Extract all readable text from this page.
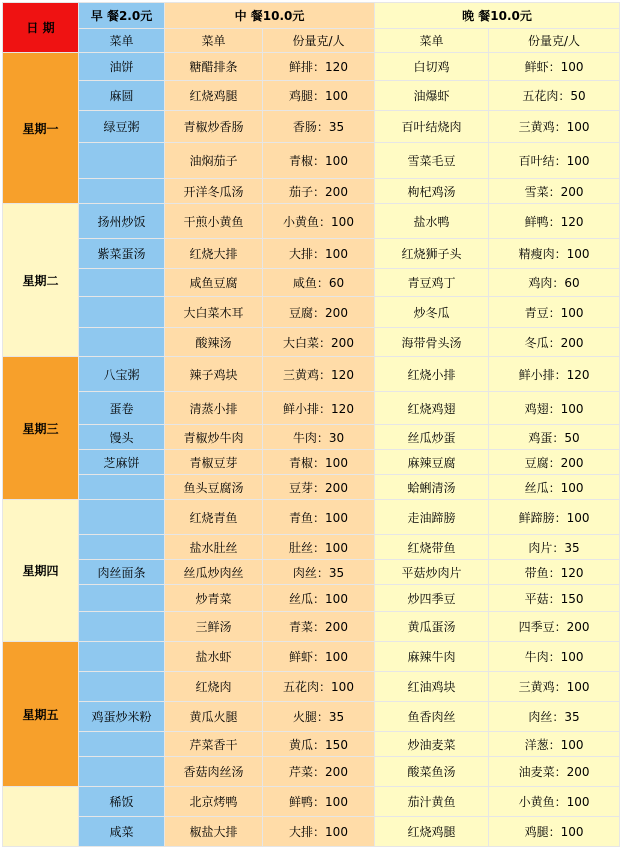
日 期	早 餐2.0元	中 餐10.0元		晚 餐10.0元	
	菜单	菜单	份量克/人	菜单	份量克/人
星期一	油饼	糖醋排条	鲜排：120	白切鸡	鲜虾：100
	麻圆	红烧鸡腿	鸡腿：100	油爆虾	五花肉：50
	绿豆粥	青椒炒香肠	香肠：35	百叶结烧肉	三黄鸡：100
		油焖茄子	青椒：100	雪菜毛豆	百叶结：100
		开洋冬瓜汤	茄子：200	枸杞鸡汤	雪菜：200
星期二	扬州炒饭	干煎小黄鱼	小黄鱼：100	盐水鸭	鲜鸭：120
	紫菜蛋汤	红烧大排	大排：100	红烧狮子头	精瘦肉：100
		咸鱼豆腐	咸鱼：60	青豆鸡丁	鸡肉：60
		大白菜木耳	豆腐：200	炒冬瓜	青豆：100
		酸辣汤	大白菜：200	海带骨头汤	冬瓜：200
星期三	八宝粥	辣子鸡块	三黄鸡：120	红烧小排	鲜小排：120
	蛋卷	清蒸小排	鲜小排：120	红烧鸡翅	鸡翅：100
	馒头	青椒炒牛肉	牛肉：30	丝瓜炒蛋	鸡蛋：50
	芝麻饼	青椒豆芽	青椒：100	麻辣豆腐	豆腐：200
		鱼头豆腐汤	豆芽：200	蛤蜊清汤	丝瓜：100
星期四		红烧青鱼	青鱼：100	走油蹄膀	鲜蹄膀：100
		盐水肚丝	肚丝：100	红烧带鱼	肉片：35
	肉丝面条	丝瓜炒肉丝	肉丝：35	平菇炒肉片	带鱼：120
		炒青菜	丝瓜：100	炒四季豆	平菇：150
		三鲜汤	青菜：200	黄瓜蛋汤	四季豆：200
星期五		盐水虾	鲜虾：100	麻辣牛肉	牛肉：100
		红烧肉	五花肉：100	红油鸡块	三黄鸡：100
	鸡蛋炒米粉	黄瓜火腿	火腿：35	鱼香肉丝	肉丝：35
		芹菜香干	黄瓜：150	炒油麦菜	洋葱：100
		香菇肉丝汤	芹菜：200	酸菜鱼汤	油麦菜：200
	稀饭	北京烤鸭	鲜鸭：100	茄汁黄鱼	小黄鱼：100
	咸菜	椒盐大排	大排：100	红烧鸡腿	鸡腿：100
